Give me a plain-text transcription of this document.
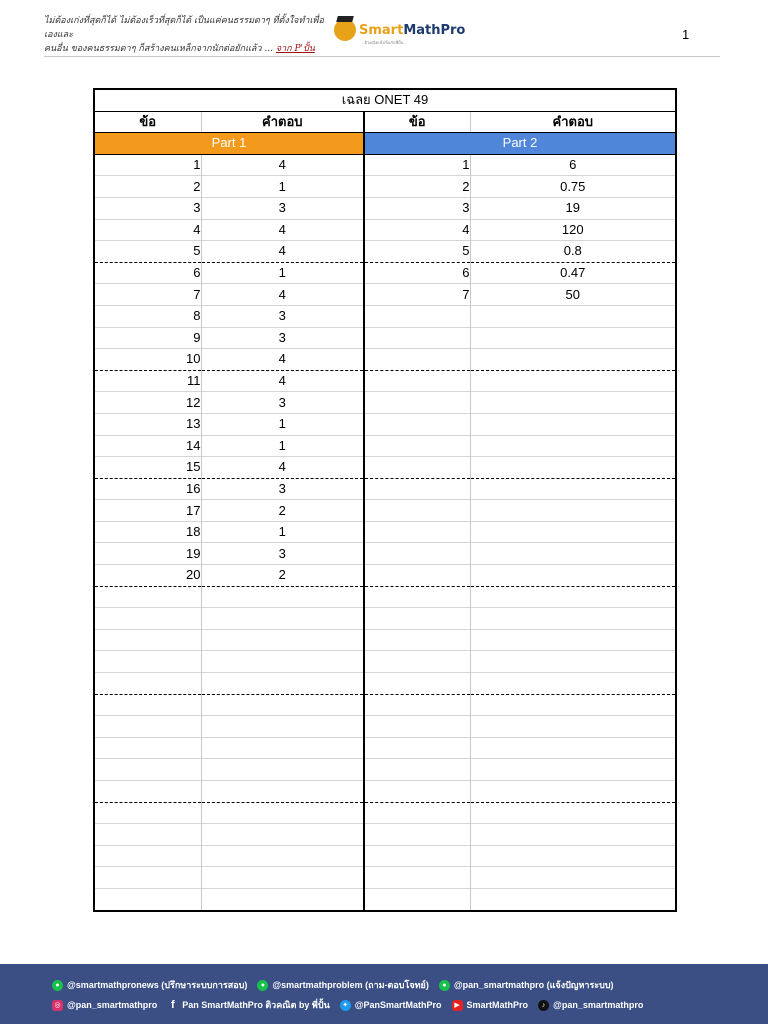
ไม่ต้องเก่งที่สุดก็ได้ ไม่ต้องเร็วที่สุดก็ได้ เป็นแค่คนธรรมดาๆ ที่ตั้งใจทำเพื่อเองและ
คนอื่น ของคนธรรมดาๆ ก็สร้างคนเหล็กจากนักต่อยักแล้ว ... จาก P'ปั้น
SmartMathPro
- ติวคณิตเข้มข้นกับพี่ปั้น -
1
เฉลย ONET 49			
ข้อ	คำตอบ	ข้อ	คำตอบ
Part 1		Part 2	
1	4	1	6
2	1	2	0.75
3	3	3	19
4	4	4	120
5	4	5	0.8
6	1	6	0.47
7	4	7	50
8	3		
9	3		
10	4		
11	4		
12	3		
13	1		
14	1		
15	4		
16	3		
17	2		
18	1		
19	3		
20	2		

● @smartmathpronews (ปรึกษาระบบการสอบ)	● @smartmathproblem (ถาม-ตอบโจทย์)	● @pan_smartmathpro (แจ้งปัญหาระบบ)
◎ @pan_smartmathpro	f Pan SmartMathPro ติวคณิต by พี่ปั้น	✦ @PanSmartMathPro	▶ SmartMathPro	♪ @pan_smartmathpro
